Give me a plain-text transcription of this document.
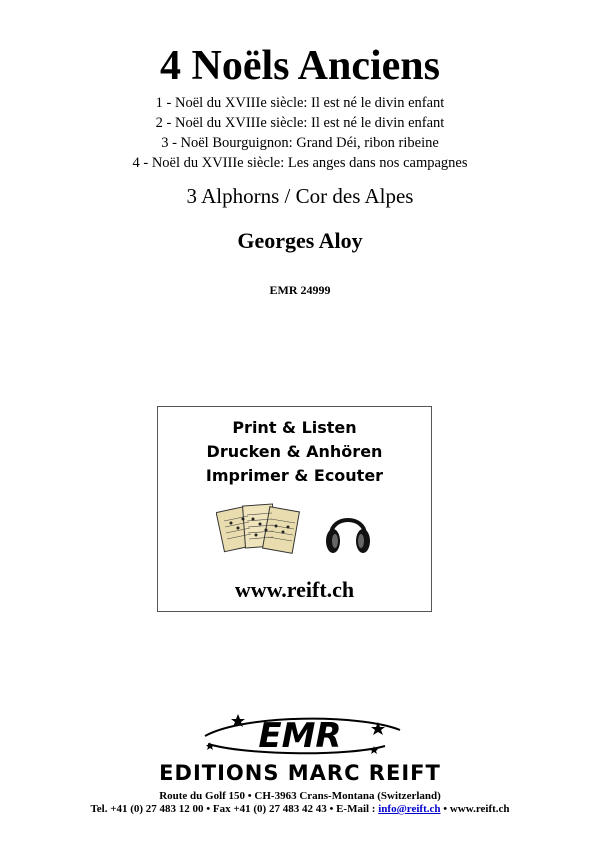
4 Noëls Anciens
1 - Noël du XVIIIe siècle: Il est né le divin enfant
2 - Noël du XVIIIe siècle: Il est né le divin enfant
3 - Noël Bourguignon: Grand Déi, ribon ribeine
4 - Noël du XVIIIe siècle: Les anges dans nos campagnes
3 Alphorns / Cor des Alpes
Georges Aloy
EMR 24999
Print & Listen
Drucken & Anhören
Imprimer & Ecouter
www.reift.ch
EMR
EDITIONS MARC REIFT
Route du Golf 150 • CH-3963 Crans-Montana (Switzerland)
Tel. +41 (0) 27 483 12 00 • Fax +41 (0) 27 483 42 43 • E-Mail : info@reift.ch • www.reift.ch
